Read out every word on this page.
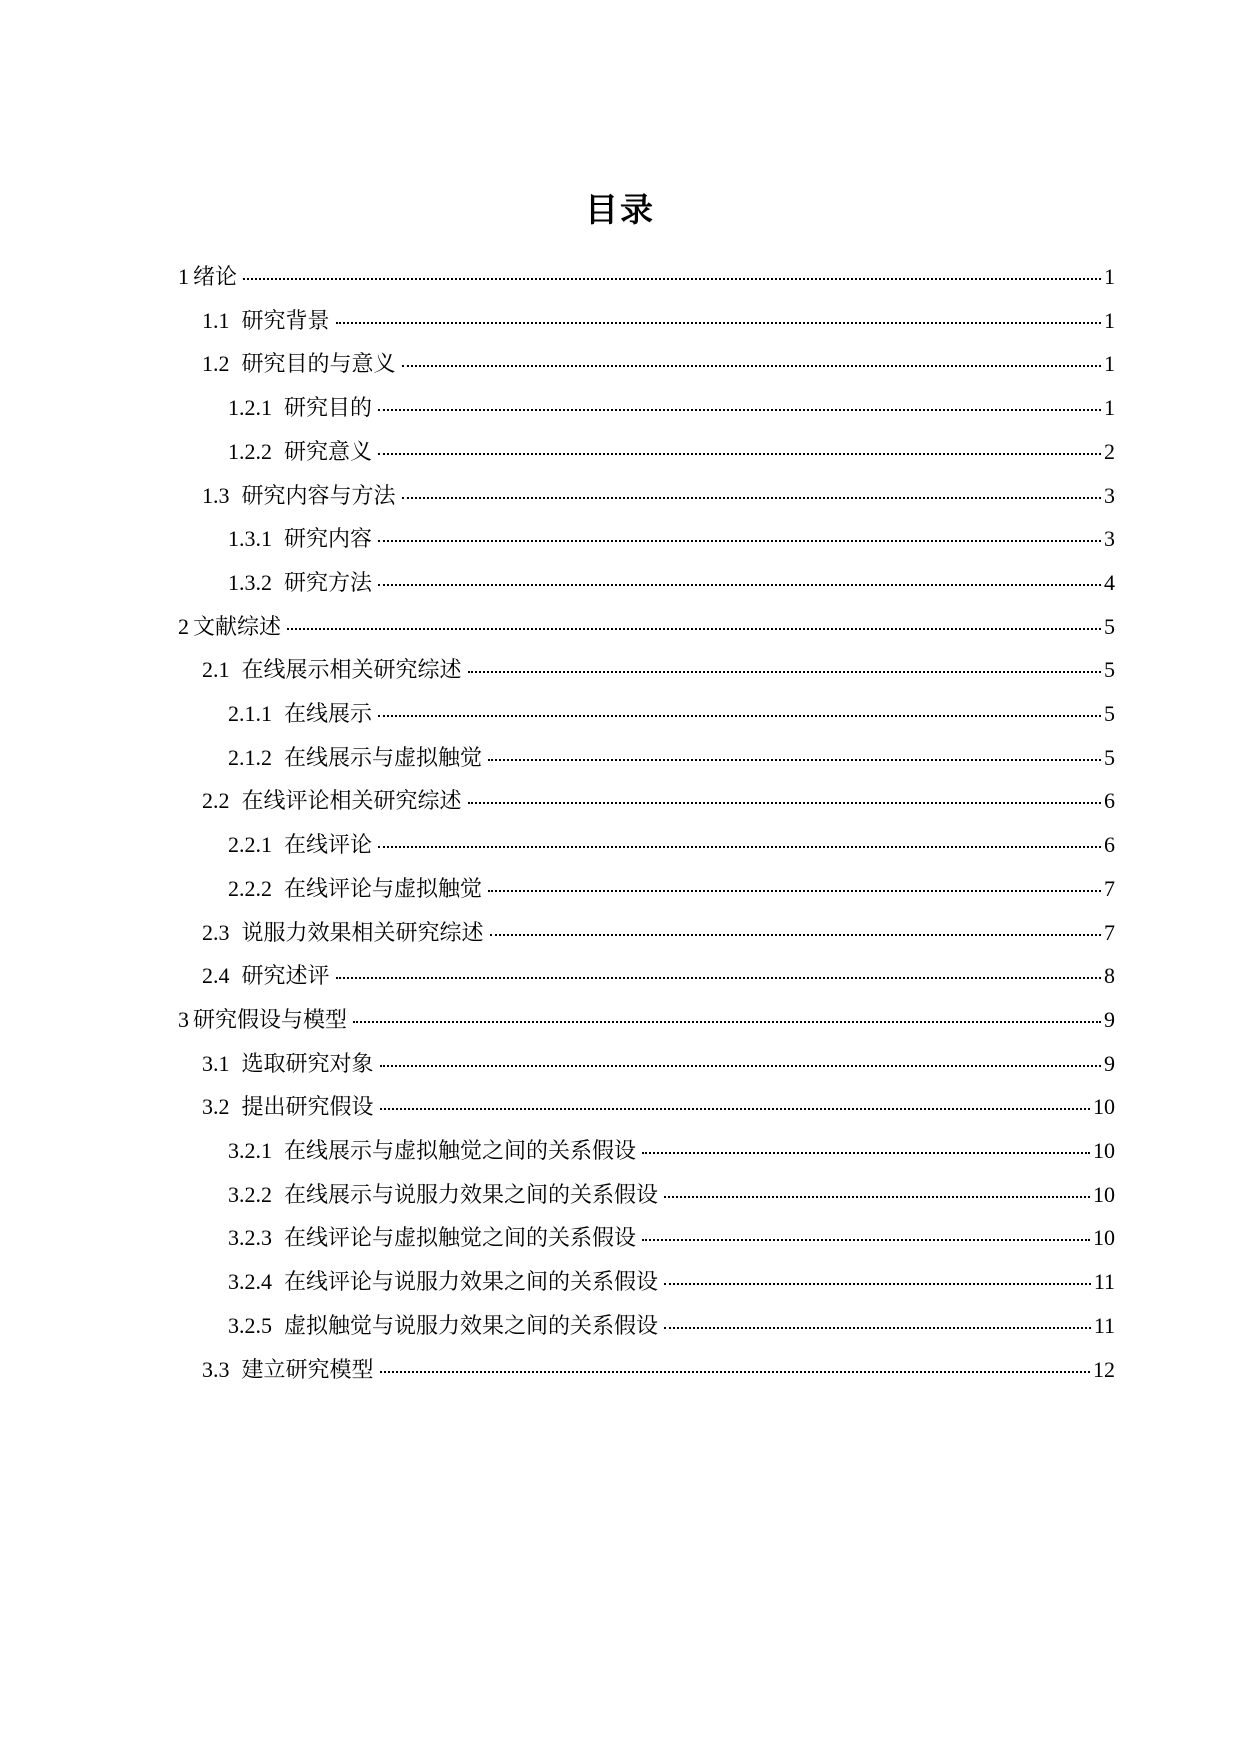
目录
1 绪论	1
1.1 研究背景	1
1.2 研究目的与意义	1
1.2.1 研究目的	1
1.2.2 研究意义	2
1.3 研究内容与方法	3
1.3.1 研究内容	3
1.3.2 研究方法	4
2 文献综述	5
2.1 在线展示相关研究综述	5
2.1.1 在线展示	5
2.1.2 在线展示与虚拟触觉	5
2.2 在线评论相关研究综述	6
2.2.1 在线评论	6
2.2.2 在线评论与虚拟触觉	7
2.3 说服力效果相关研究综述	7
2.4 研究述评	8
3 研究假设与模型	9
3.1 选取研究对象	9
3.2 提出研究假设	10
3.2.1 在线展示与虚拟触觉之间的关系假设	10
3.2.2 在线展示与说服力效果之间的关系假设	10
3.2.3 在线评论与虚拟触觉之间的关系假设	10
3.2.4 在线评论与说服力效果之间的关系假设	11
3.2.5 虚拟触觉与说服力效果之间的关系假设	11
3.3 建立研究模型	12
